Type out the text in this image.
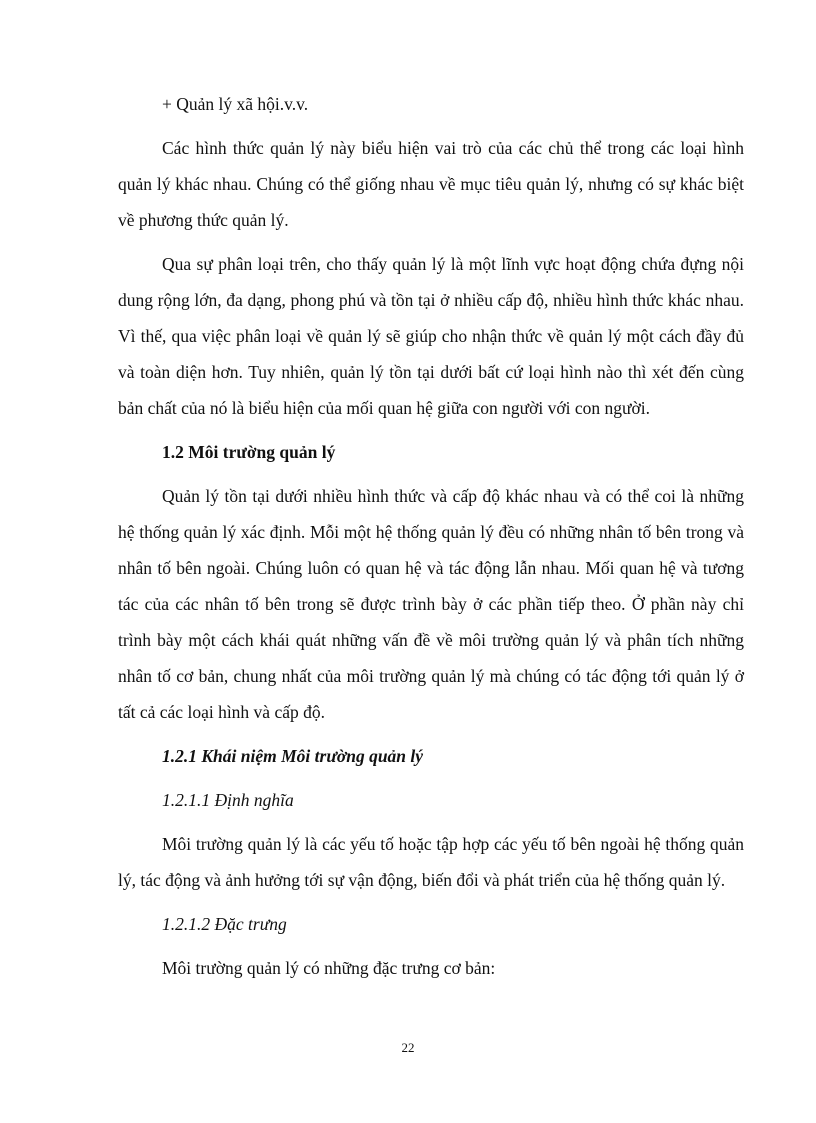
+ Quản lý xã hội.v.v.

Các hình thức quản lý này biểu hiện vai trò của các chủ thể trong các loại hình quản lý khác nhau. Chúng có thể giống nhau về mục tiêu quản lý, nhưng có sự khác biệt về phương thức quản lý.

Qua sự phân loại trên, cho thấy quản lý là một lĩnh vực hoạt động chứa đựng nội dung rộng lớn, đa dạng, phong phú và tồn tại ở nhiều cấp độ, nhiều hình thức khác nhau. Vì thế, qua việc phân loại về quản lý sẽ giúp cho nhận thức về quản lý một cách đầy đủ và toàn diện hơn. Tuy nhiên, quản lý tồn tại dưới bất cứ loại hình nào thì xét đến cùng bản chất của nó là biểu hiện của mối quan hệ giữa con người với con người.

1.2 Môi trường quản lý

Quản lý tồn tại dưới nhiều hình thức và cấp độ khác nhau và có thể coi là những hệ thống quản lý xác định. Mỗi một hệ thống quản lý đều có những nhân tố bên trong và nhân tố bên ngoài. Chúng luôn có quan hệ và tác động lẫn nhau. Mối quan hệ và tương tác của các nhân tố bên trong sẽ được trình bày ở các phần tiếp theo. Ở phần này chỉ trình bày một cách khái quát những vấn đề về môi trường quản lý và phân tích những nhân tố cơ bản, chung nhất của môi trường quản lý mà chúng có tác động tới quản lý ở tất cả các loại hình và cấp độ.

1.2.1 Khái niệm Môi trường quản lý

1.2.1.1 Định nghĩa

Môi trường quản lý là các yếu tố hoặc tập hợp các yếu tố bên ngoài hệ thống quản lý, tác động và ảnh hưởng tới sự vận động, biến đổi và phát triển của hệ thống quản lý.

1.2.1.2 Đặc trưng

Môi trường quản lý có những đặc trưng cơ bản:

22
